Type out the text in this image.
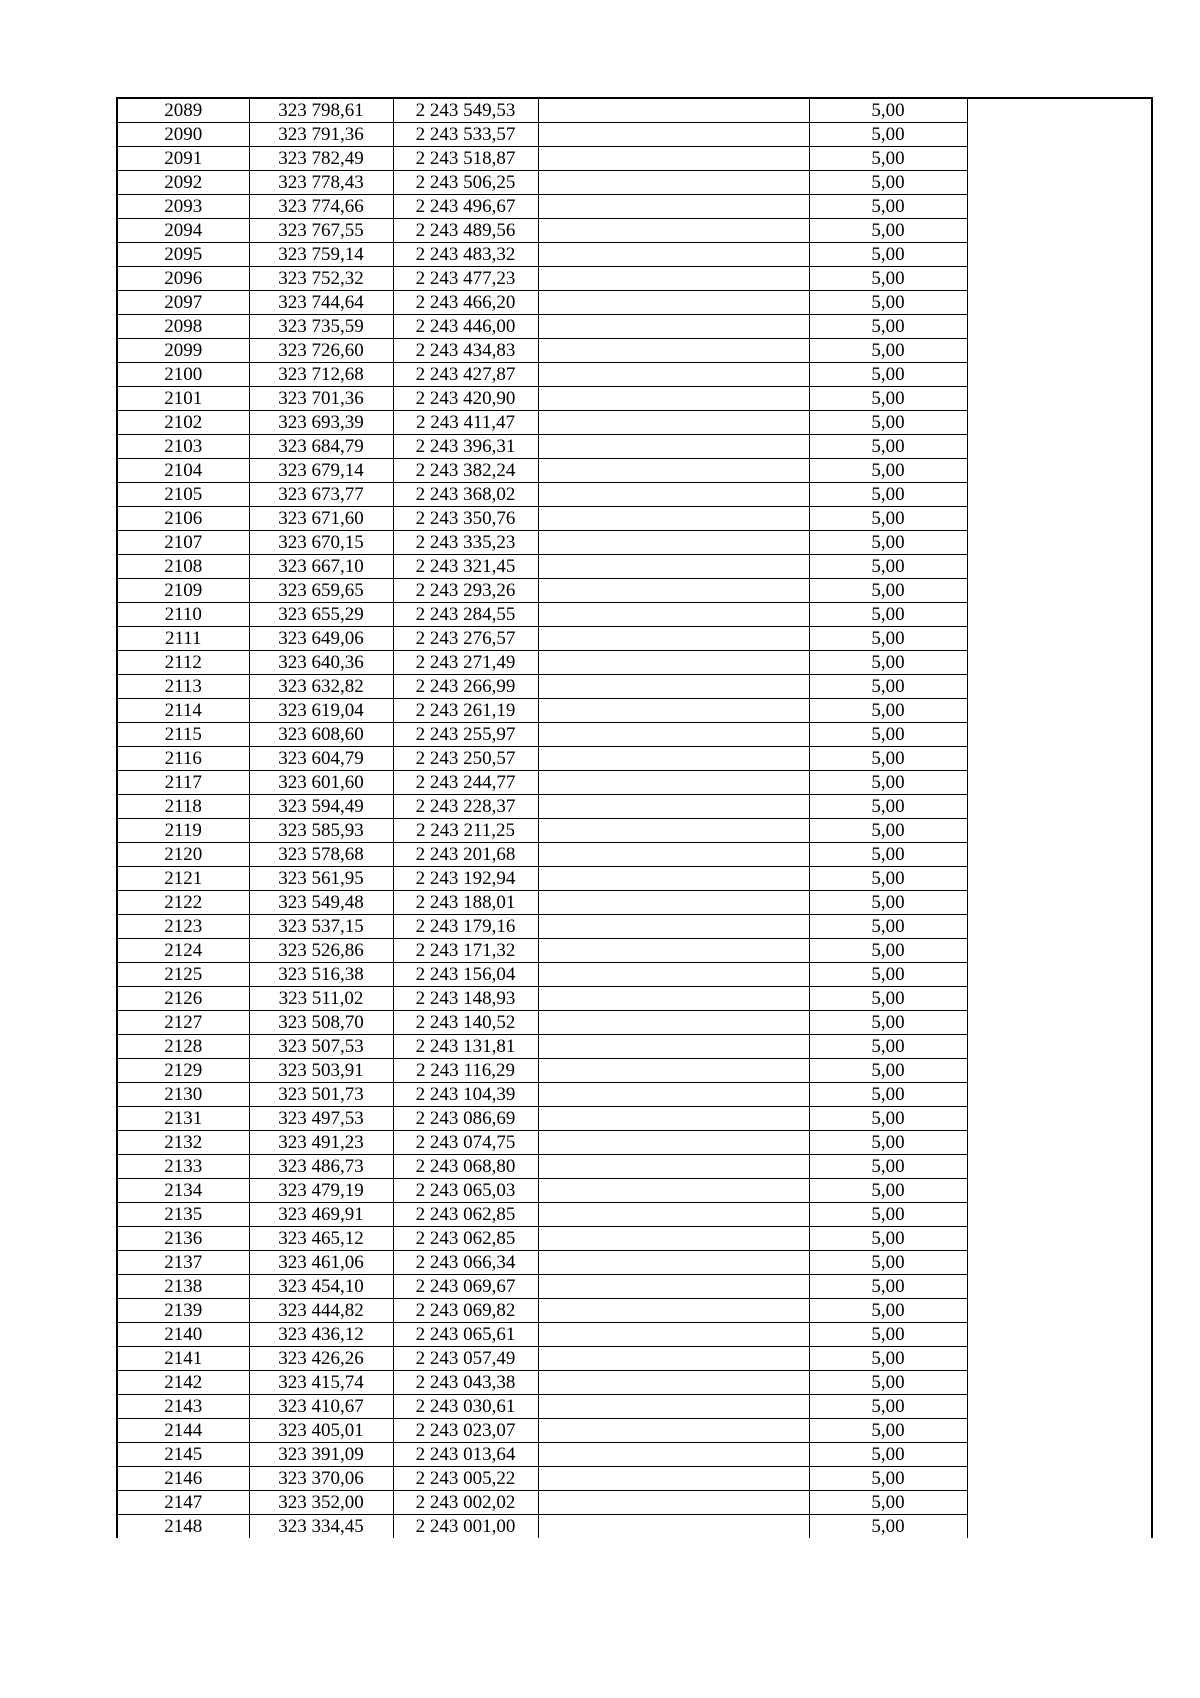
2089	323 798,61	2 243 549,53		5,00	
2090	323 791,36	2 243 533,57		5,00	
2091	323 782,49	2 243 518,87		5,00	
2092	323 778,43	2 243 506,25		5,00	
2093	323 774,66	2 243 496,67		5,00	
2094	323 767,55	2 243 489,56		5,00	
2095	323 759,14	2 243 483,32		5,00	
2096	323 752,32	2 243 477,23		5,00	
2097	323 744,64	2 243 466,20		5,00	
2098	323 735,59	2 243 446,00		5,00	
2099	323 726,60	2 243 434,83		5,00	
2100	323 712,68	2 243 427,87		5,00	
2101	323 701,36	2 243 420,90		5,00	
2102	323 693,39	2 243 411,47		5,00	
2103	323 684,79	2 243 396,31		5,00	
2104	323 679,14	2 243 382,24		5,00	
2105	323 673,77	2 243 368,02		5,00	
2106	323 671,60	2 243 350,76		5,00	
2107	323 670,15	2 243 335,23		5,00	
2108	323 667,10	2 243 321,45		5,00	
2109	323 659,65	2 243 293,26		5,00	
2110	323 655,29	2 243 284,55		5,00	
2111	323 649,06	2 243 276,57		5,00	
2112	323 640,36	2 243 271,49		5,00	
2113	323 632,82	2 243 266,99		5,00	
2114	323 619,04	2 243 261,19		5,00	
2115	323 608,60	2 243 255,97		5,00	
2116	323 604,79	2 243 250,57		5,00	
2117	323 601,60	2 243 244,77		5,00	
2118	323 594,49	2 243 228,37		5,00	
2119	323 585,93	2 243 211,25		5,00	
2120	323 578,68	2 243 201,68		5,00	
2121	323 561,95	2 243 192,94		5,00	
2122	323 549,48	2 243 188,01		5,00	
2123	323 537,15	2 243 179,16		5,00	
2124	323 526,86	2 243 171,32		5,00	
2125	323 516,38	2 243 156,04		5,00	
2126	323 511,02	2 243 148,93		5,00	
2127	323 508,70	2 243 140,52		5,00	
2128	323 507,53	2 243 131,81		5,00	
2129	323 503,91	2 243 116,29		5,00	
2130	323 501,73	2 243 104,39		5,00	
2131	323 497,53	2 243 086,69		5,00	
2132	323 491,23	2 243 074,75		5,00	
2133	323 486,73	2 243 068,80		5,00	
2134	323 479,19	2 243 065,03		5,00	
2135	323 469,91	2 243 062,85		5,00	
2136	323 465,12	2 243 062,85		5,00	
2137	323 461,06	2 243 066,34		5,00	
2138	323 454,10	2 243 069,67		5,00	
2139	323 444,82	2 243 069,82		5,00	
2140	323 436,12	2 243 065,61		5,00	
2141	323 426,26	2 243 057,49		5,00	
2142	323 415,74	2 243 043,38		5,00	
2143	323 410,67	2 243 030,61		5,00	
2144	323 405,01	2 243 023,07		5,00	
2145	323 391,09	2 243 013,64		5,00	
2146	323 370,06	2 243 005,22		5,00	
2147	323 352,00	2 243 002,02		5,00	
2148	323 334,45	2 243 001,00		5,00	
